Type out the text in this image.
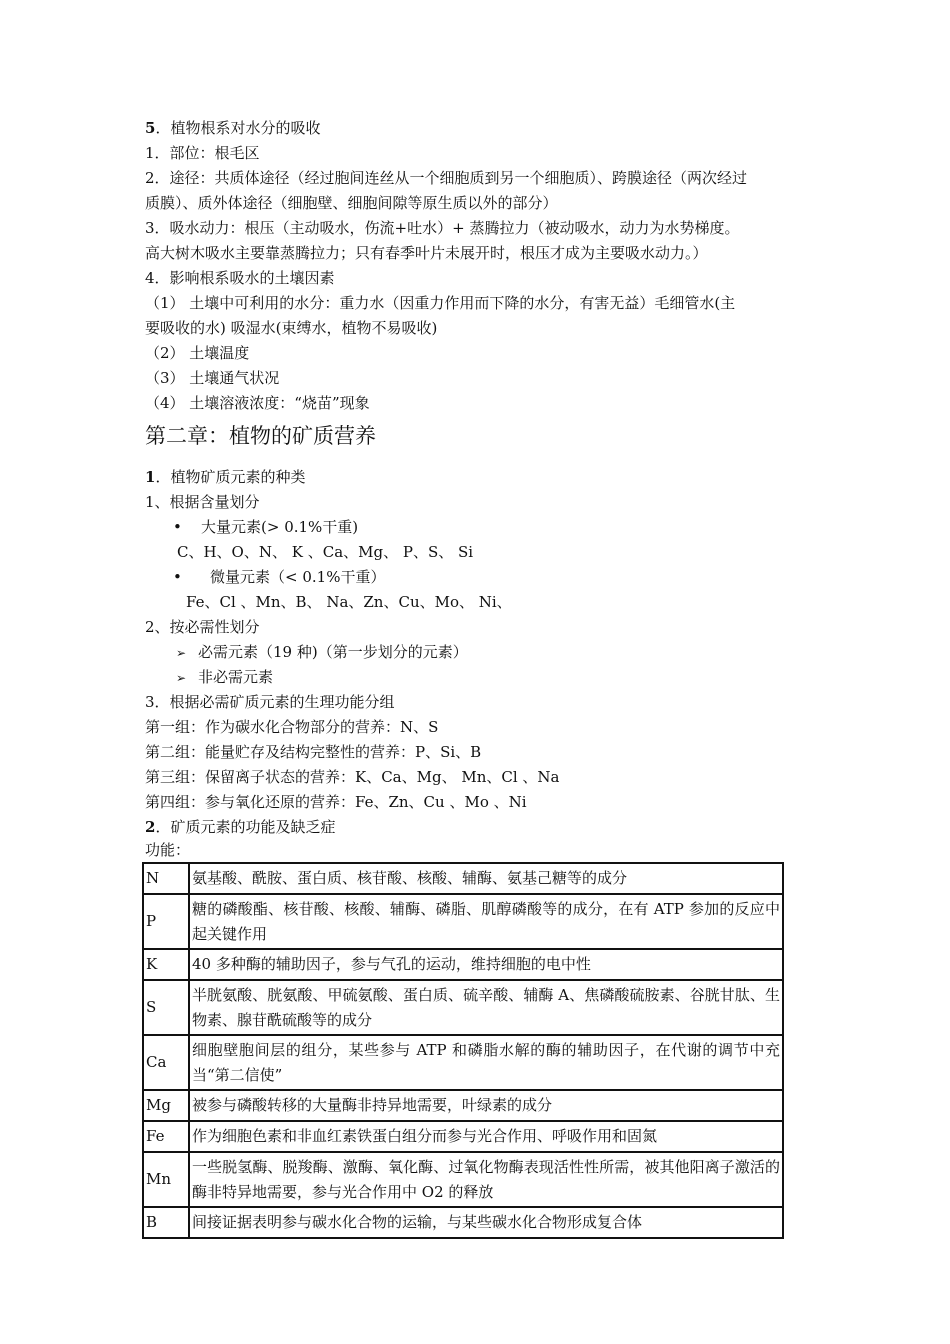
5．植物根系对水分的吸收
1．部位：根毛区
2．途径：共质体途径（经过胞间连丝从一个细胞质到另一个细胞质）、跨膜途径（两次经过
质膜）、质外体途径（细胞壁、细胞间隙等原生质以外的部分）
3．吸水动力：根压（主动吸水，伤流+吐水）+ 蒸腾拉力（被动吸水，动力为水势梯度。
高大树木吸水主要靠蒸腾拉力；只有春季叶片未展开时，根压才成为主要吸水动力。）
4．影响根系吸水的土壤因素
（1） 土壤中可利用的水分：重力水（因重力作用而下降的水分，有害无益）毛细管水(主
要吸收的水) 吸湿水(束缚水，植物不易吸收)
（2） 土壤温度
（3） 土壤通气状况
（4） 土壤溶液浓度：“烧苗”现象
第二章：植物的矿质营养
1．植物矿质元素的种类
1、根据含量划分
• 大量元素(> 0.1%干重)
C、H、O、N、 K 、Ca、Mg、 P、S、 Si
• 微量元素（< 0.1%干重）
Fe、Cl 、Mn、B、 Na、Zn、Cu、Mo、 Ni、
2、按必需性划分
➢ 必需元素（19 种)（第一步划分的元素）
➢ 非必需元素
3．根据必需矿质元素的生理功能分组
第一组：作为碳水化合物部分的营养：N、S
第二组：能量贮存及结构完整性的营养：P、Si、B
第三组：保留离子状态的营养：K、Ca、Mg、 Mn、Cl 、Na
第四组：参与氧化还原的营养：Fe、Zn、Cu 、Mo 、Ni
2．矿质元素的功能及缺乏症
功能：
N	氨基酸、酰胺、蛋白质、核苷酸、核酸、辅酶、氨基己糖等的成分
P	糖的磷酸酯、核苷酸、核酸、辅酶、磷脂、肌醇磷酸等的成分，在有 ATP 参加的反应中起关键作用
K	40 多种酶的辅助因子，参与气孔的运动，维持细胞的电中性
S	半胱氨酸、胱氨酸、甲硫氨酸、蛋白质、硫辛酸、辅酶 A、焦磷酸硫胺素、谷胱甘肽、生物素、腺苷酰硫酸等的成分
Ca	细胞壁胞间层的组分，某些参与 ATP 和磷脂水解的酶的辅助因子，在代谢的调节中充当“第二信使”
Mg	被参与磷酸转移的大量酶非持异地需要，叶绿素的成分
Fe	作为细胞色素和非血红素铁蛋白组分而参与光合作用、呼吸作用和固氮
Mn	一些脱氢酶、脱羧酶、激酶、氧化酶、过氧化物酶表现活性性所需，被其他阳离子激活的酶非特异地需要，参与光合作用中 O2 的释放
B	间接证据表明参与碳水化合物的运输，与某些碳水化合物形成复合体
